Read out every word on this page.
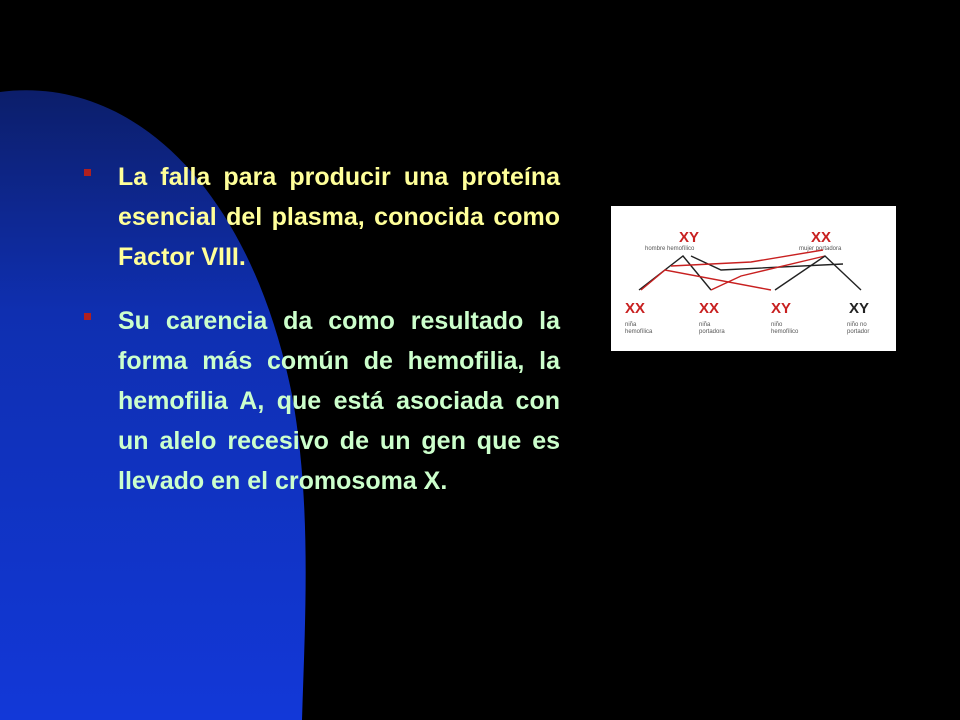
La falla para producir una proteína esencial del plasma, conocida como Factor VIII.
Su carencia da como resultado la forma más común de hemofilia, la hemofilia A, que está asociada con un alelo recesivo de un gen que es llevado en el cromosoma X.
XY
hombre hemofílico
XX
mujer portadora
XX
niña
hemofílica
XX
niña
portadora
XY
niño
hemofílico
XY
niño no
portador
